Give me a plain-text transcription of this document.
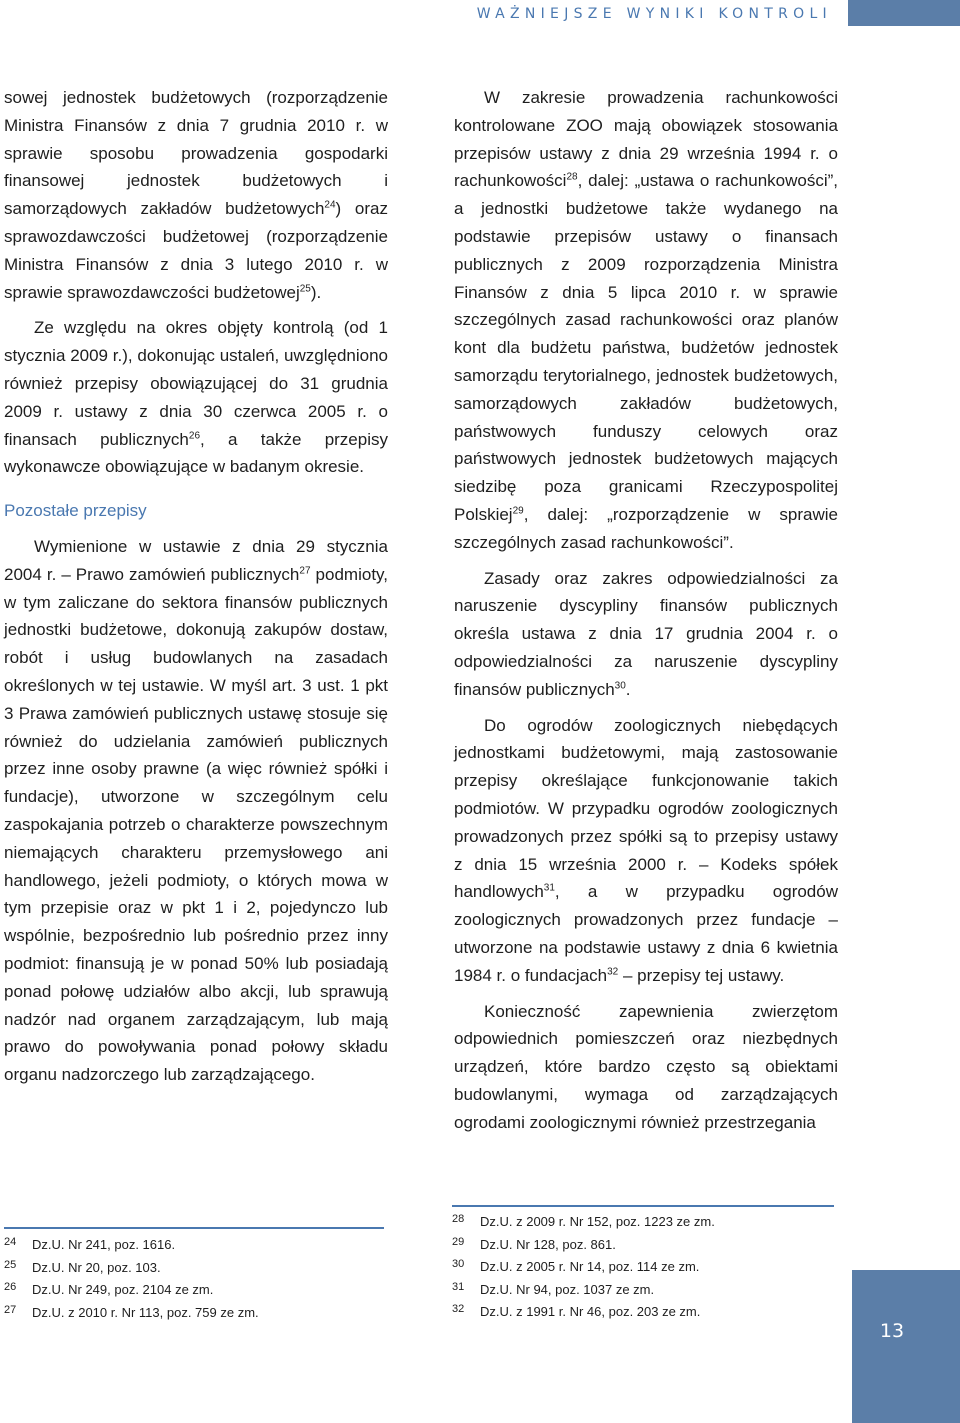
WAŻNIEJSZE WYNIKI KONTROLI

sowej jednostek budżetowych (rozporządzenie Ministra Finansów z dnia 7 grudnia 2010 r. w sprawie sposobu prowadzenia gospodarki finansowej jednostek budżetowych i samorządowych zakładów budżetowych$^{24}$) oraz sprawozdawczości budżetowej (rozporządzenie Ministra Finansów z dnia 3 lutego 2010 r. w sprawie sprawozdawczości budżetowej$^{25}$).

Ze względu na okres objęty kontrolą (od 1 stycznia 2009 r.), dokonując ustaleń, uwzględniono również przepisy obowiązującej do 31 grudnia 2009 r. ustawy z dnia 30 czerwca 2005 r. o finansach publicznych$^{26}$, a także przepisy wykonawcze obowiązujące w badanym okresie.

Pozostałe przepisy

Wymienione w ustawie z dnia 29 stycznia 2004 r. – Prawo zamówień publicznych$^{27}$ podmioty, w tym zaliczane do sektora finansów publicznych jednostki budżetowe, dokonują zakupów dostaw, robót i usług budowlanych na zasadach określonych w tej ustawie. W myśl art. 3 ust. 1 pkt 3 Prawa zamówień publicznych ustawę stosuje się również do udzielania zamówień publicznych przez inne osoby prawne (a więc również spółki i fundacje), utworzone w szczególnym celu zaspokajania potrzeb o charakterze powszechnym niemających charakteru przemysłowego ani handlowego, jeżeli podmioty, o których mowa w tym przepisie oraz w pkt 1 i 2, pojedynczo lub wspólnie, bezpośrednio lub pośrednio przez inny podmiot: finansują je w ponad 50% lub posiadają ponad połowę udziałów albo akcji, lub sprawują nadzór nad organem zarządzającym, lub mają prawo do powoływania ponad połowy składu organu nadzorczego lub zarządzającego.

W zakresie prowadzenia rachunkowości kontrolowane ZOO mają obowiązek stosowania przepisów ustawy z dnia 29 września 1994 r. o rachunkowości$^{28}$, dalej: „ustawa o rachunkowości”, a jednostki budżetowe także wydanego na podstawie przepisów ustawy o finansach publicznych z 2009 rozporządzenia Ministra Finansów z dnia 5 lipca 2010 r. w sprawie szczególnych zasad rachunkowości oraz planów kont dla budżetu państwa, budżetów jednostek samorządu terytorialnego, jednostek budżetowych, samorządowych zakładów budżetowych, państwowych funduszy celowych oraz państwowych jednostek budżetowych mających siedzibę poza granicami Rzeczypospolitej Polskiej$^{29}$, dalej: „rozporządzenie w sprawie szczególnych zasad rachunkowości”.

Zasady oraz zakres odpowiedzialności za naruszenie dyscypliny finansów publicznych określa ustawa z dnia 17 grudnia 2004 r. o odpowiedzialności za naruszenie dyscypliny finansów publicznych$^{30}$.

Do ogrodów zoologicznych niebędących jednostkami budżetowymi, mają zastosowanie przepisy określające funkcjonowanie takich podmiotów. W przypadku ogrodów zoologicznych prowadzonych przez spółki są to przepisy ustawy z dnia 15 września 2000 r. – Kodeks spółek handlowych$^{31}$, a w przypadku ogrodów zoologicznych prowadzonych przez fundacje – utworzone na podstawie ustawy z dnia 6 kwietnia 1984 r. o fundacjach$^{32}$ – przepisy tej ustawy.

Konieczność zapewnienia zwierzętom odpowiednich pomieszczeń oraz niezbędnych urządzeń, które bardzo często są obiektami budowlanymi, wymaga od zarządzających ogrodami zoologicznymi również przestrzegania

24	Dz.U. Nr 241, poz. 1616.
25	Dz.U. Nr 20, poz. 103.
26	Dz.U. Nr 249, poz. 2104 ze zm.
27	Dz.U. z 2010 r. Nr 113, poz. 759 ze zm.
28	Dz.U. z 2009 r. Nr 152, poz. 1223 ze zm.
29	Dz.U. Nr 128, poz. 861.
30	Dz.U. z 2005 r. Nr 14, poz. 114 ze zm.
31	Dz.U. Nr 94, poz. 1037 ze zm.
32	Dz.U. z 1991 r. Nr 46, poz. 203 ze zm.
13
